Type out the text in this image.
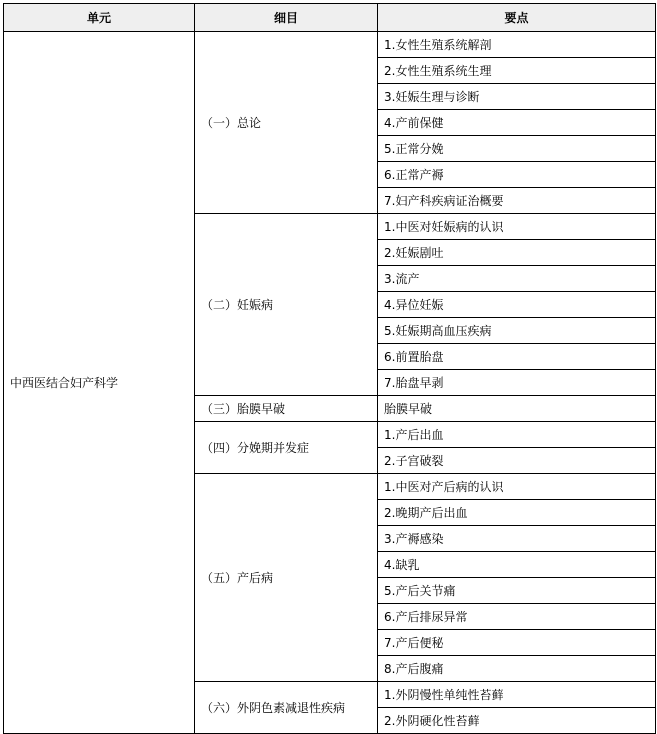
单元	细目	要点
中西医结合妇产科学	（一）总论	1.女性生殖系统解剖
		2.女性生殖系统生理
		3.妊娠生理与诊断
		4.产前保健
		5.正常分娩
		6.正常产褥
		7.妇产科疾病证治概要
	（二）妊娠病	1.中医对妊娠病的认识
		2.妊娠剧吐
		3.流产
		4.异位妊娠
		5.妊娠期高血压疾病
		6.前置胎盘
		7.胎盘早剥
	（三）胎膜早破	胎膜早破
	（四）分娩期并发症	1.产后出血
		2.子宫破裂
	（五）产后病	1.中医对产后病的认识
		2.晚期产后出血
		3.产褥感染
		4.缺乳
		5.产后关节痛
		6.产后排尿异常
		7.产后便秘
		8.产后腹痛
	（六）外阴色素减退性疾病	1.外阴慢性单纯性苔藓
		2.外阴硬化性苔藓
